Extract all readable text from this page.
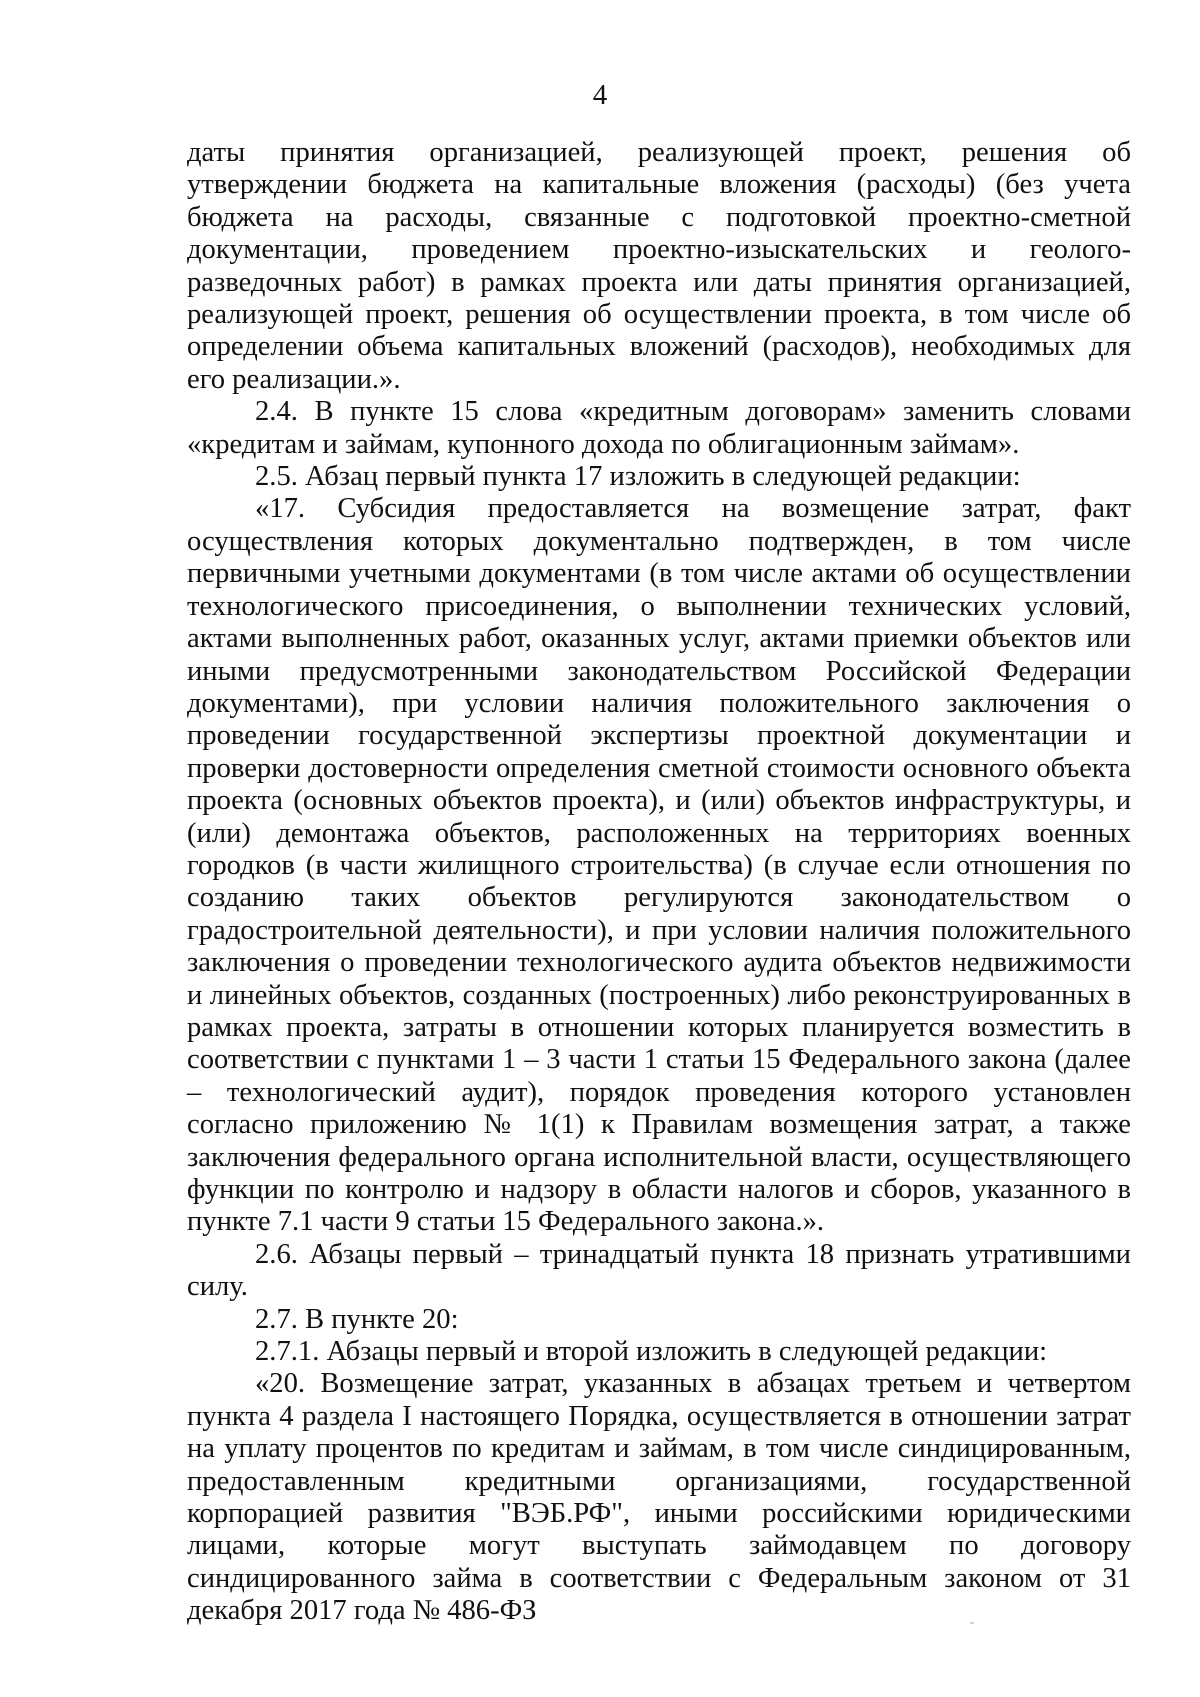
4

даты принятия организацией, реализующей проект, решения об утверждении бюджета на капитальные вложения (расходы) (без учета бюджета на расходы, связанные с подготовкой проектно-сметной документации, проведением проектно-изыскательских и геолого-разведочных работ) в рамках проекта или даты принятия организацией, реализующей проект, решения об осуществлении проекта, в том числе об определении объема капитальных вложений (расходов), необходимых для его реализации.».

2.4. В пункте 15 слова «кредитным договорам» заменить словами «кредитам и займам, купонного дохода по облигационным займам».

2.5. Абзац первый пункта 17 изложить в следующей редакции:

«17. Субсидия предоставляется на возмещение затрат, факт осуществления которых документально подтвержден, в том числе первичными учетными документами (в том числе актами об осуществлении технологического присоединения, о выполнении технических условий, актами выполненных работ, оказанных услуг, актами приемки объектов или иными предусмотренными законодательством Российской Федерации документами), при условии наличия положительного заключения о проведении государственной экспертизы проектной документации и проверки достоверности определения сметной стоимости основного объекта проекта (основных объектов проекта), и (или) объектов инфраструктуры, и (или) демонтажа объектов, расположенных на территориях военных городков (в части жилищного строительства) (в случае если отношения по созданию таких объектов регулируются законодательством о градостроительной деятельности), и при условии наличия положительного заключения о проведении технологического аудита объектов недвижимости и линейных объектов, созданных (построенных) либо реконструированных в рамках проекта, затраты в отношении которых планируется возместить в соответствии с пунктами 1 – 3 части 1 статьи 15 Федерального закона (далее – технологический аудит), порядок проведения которого установлен согласно приложению № 1(1) к Правилам возмещения затрат, а также заключения федерального органа исполнительной власти, осуществляющего функции по контролю и надзору в области налогов и сборов, указанного в пункте 7.1 части 9 статьи 15 Федерального закона.».

2.6. Абзацы первый – тринадцатый пункта 18 признать утратившими силу.

2.7. В пункте 20:

2.7.1. Абзацы первый и второй изложить в следующей редакции:

«20. Возмещение затрат, указанных в абзацах третьем и четвертом пункта 4 раздела I настоящего Порядка, осуществляется в отношении затрат на уплату процентов по кредитам и займам, в том числе синдицированным, предоставленным кредитными организациями, государственной корпорацией развития "ВЭБ.РФ", иными российскими юридическими лицами, которые могут выступать займодавцем по договору синдицированного займа в соответствии с Федеральным законом от 31 декабря 2017 года № 486-ФЗ
